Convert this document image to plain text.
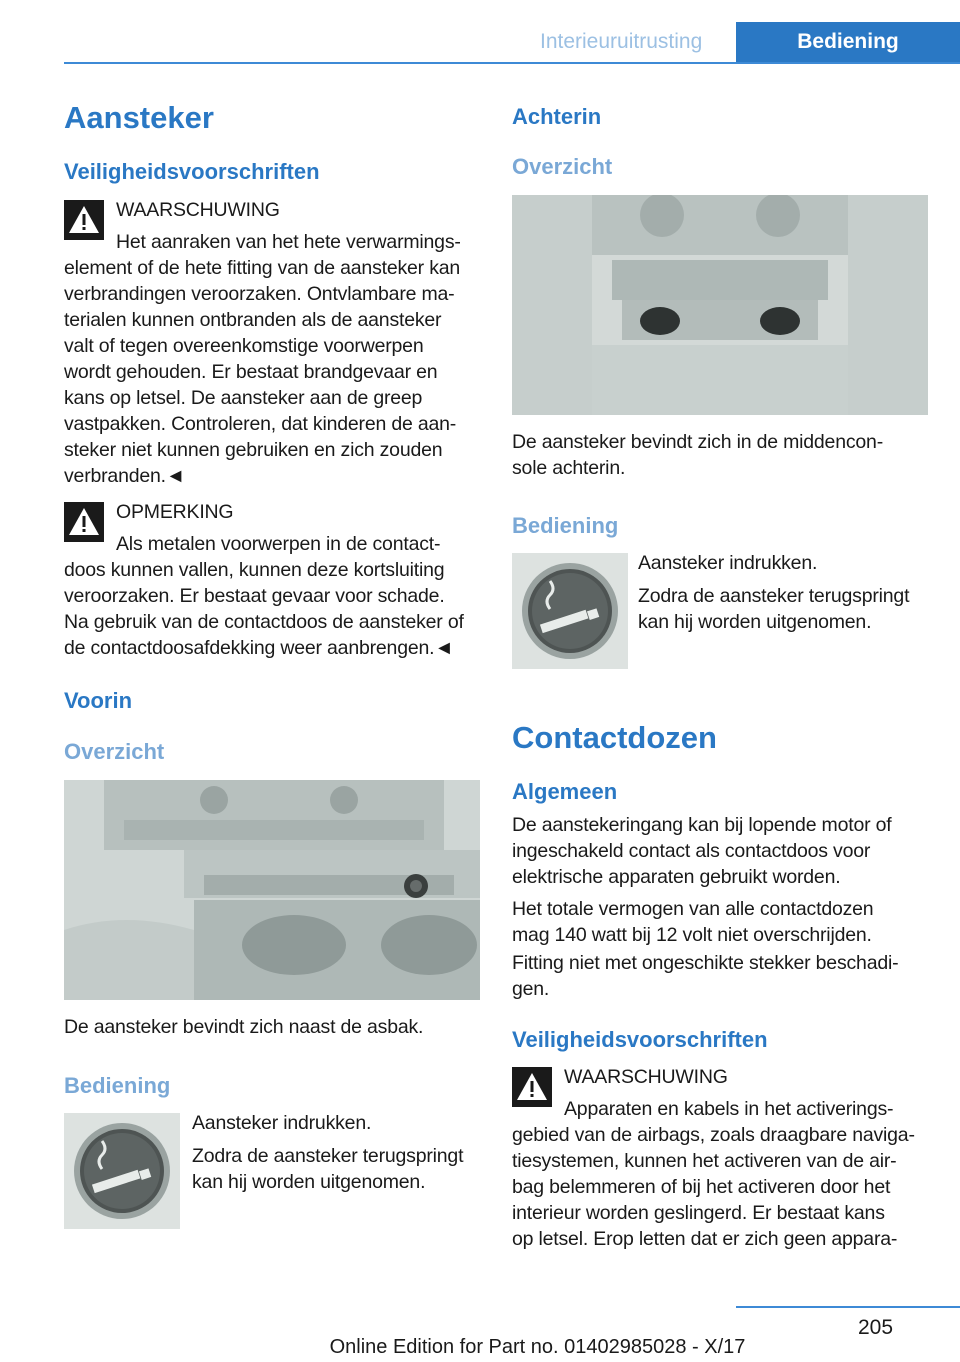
Interieuruitrusting	Bediening
Aansteker
Veiligheidsvoorschriften
WAARSCHUWING
Het aanraken van het hete verwarmings-

element of de hete fitting van de aansteker kan

verbrandingen veroorzaken. Ontvlambare ma-

terialen kunnen ontbranden als de aansteker

valt of tegen overeenkomstige voorwerpen

wordt gehouden. Er bestaat brandgevaar en

kans op letsel. De aansteker aan de greep

vastpakken. Controleren, dat kinderen de aan-

steker niet kunnen gebruiken en zich zouden

verbranden.◄

OPMERKING
Als metalen voorwerpen in de contact-

doos kunnen vallen, kunnen deze kortsluiting

veroorzaken. Er bestaat gevaar voor schade.

Na gebruik van de contactdoos de aansteker of

de contactdoosafdekking weer aanbrengen.◄

Voorin
Overzicht
De aansteker bevindt zich naast de asbak.
Bediening
Aansteker indrukken.
Zodra de aansteker terugspringt
kan hij worden uitgenomen.
Achterin
Overzicht

De aansteker bevindt zich in de middencon-

sole achterin.

Bediening
Aansteker indrukken.
Zodra de aansteker terugspringt
kan hij worden uitgenomen.
Contactdozen
Algemeen

De aanstekeringang kan bij lopende motor of

ingeschakeld contact als contactdoos voor

elektrische apparaten gebruikt worden.

Het totale vermogen van alle contactdozen

mag 140 watt bij 12 volt niet overschrijden.

Fitting niet met ongeschikte stekker beschadi-

gen.

Veiligheidsvoorschriften
WAARSCHUWING
Apparaten en kabels in het activerings-

gebied van de airbags, zoals draagbare naviga-

tiesystemen, kunnen het activeren van de air-

bag belemmeren of bij het activeren door het

interieur worden geslingerd. Er bestaat kans

op letsel. Erop letten dat er zich geen appara-

205
Online Edition for Part no. 01402985028 - X/17
